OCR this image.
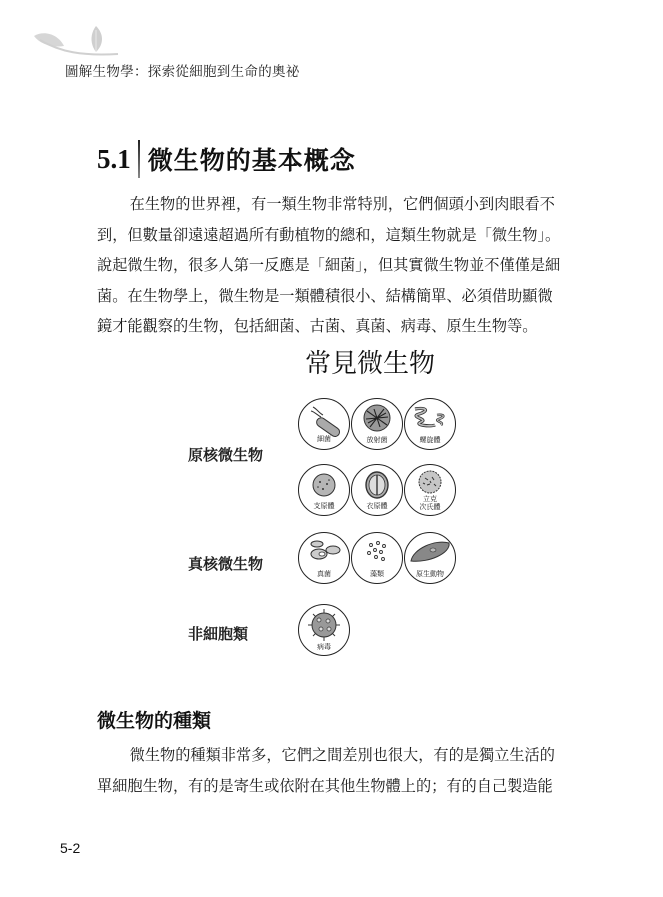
圖解生物學：探索從細胞到生命的奧祕
5.1 微生物的基本概念

在生物的世界裡，有一類生物非常特別，它們個頭小到肉眼看不

到，但數量卻遠遠超過所有動植物的總和，這類生物就是「微生物」。

說起微生物，很多人第一反應是「細菌」，但其實微生物並不僅僅是細

菌。在生物學上，微生物是一類體積很小、結構簡單、必須借助顯微

鏡才能觀察的生物，包括細菌、古菌、真菌、病毒、原生生物等。

常見微生物
原核微生物
真核微生物
非細胞類
細菌	放射菌	螺旋體
支原體	衣原體
立克
次氏體
真菌	藻類	原生動物
病毒
微生物的種類

微生物的種類非常多，它們之間差別也很大，有的是獨立生活的

單細胞生物，有的是寄生或依附在其他生物體上的；有的自己製造能

5-2
